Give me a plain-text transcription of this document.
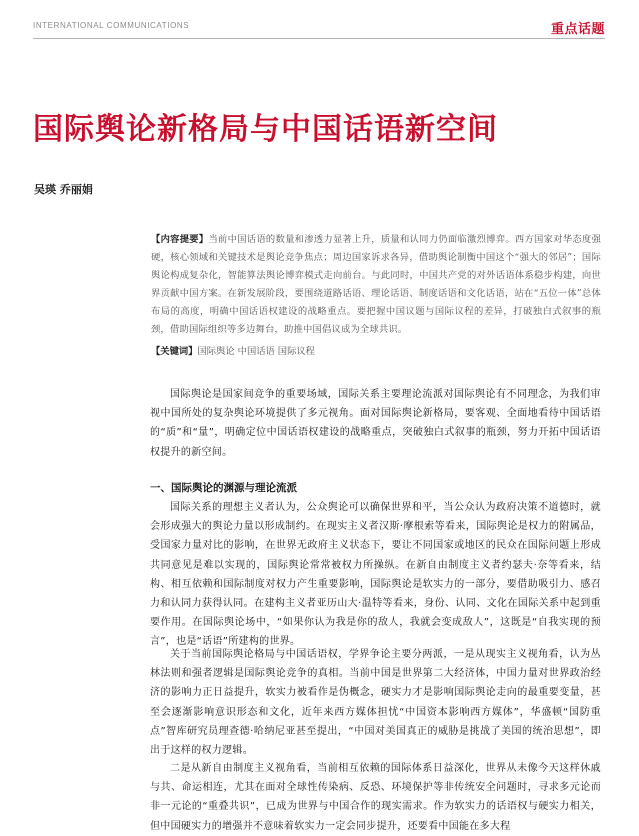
INTERNATIONAL COMMUNICATIONS	重点话题
国际舆论新格局与中国话语新空间
吴瑛 乔丽娟
【内容提要】当前中国话语的数量和渗透力显著上升，质量和认同力仍面临激烈博弈。西方国家对华态度强硬，核心领域和关键技术是舆论竞争焦点；周边国家诉求各异，借助舆论制衡中国这个“强大的邻居”；国际舆论构成复杂化，智能算法舆论博弈模式走向前台。与此同时，中国共产党的对外话语体系稳步构建，向世界贡献中国方案。在新发展阶段，要围绕道路话语、理论话语、制度话语和文化话语，站在“五位一体”总体布局的高度，明确中国话语权建设的战略重点。要把握中国议题与国际议程的差异，打破独白式叙事的瓶颈，借助国际组织等多边舞台，助推中国倡议成为全球共识。
【关键词】国际舆论 中国话语 国际议程

国际舆论是国家间竞争的重要场域，国际关系主要理论流派对国际舆论有不同理念，为我们审视中国所处的复杂舆论环境提供了多元视角。面对国际舆论新格局，要客观、全面地看待中国话语的“质”和“量”，明确定位中国话语权建设的战略重点，突破独白式叙事的瓶颈，努力开拓中国话语权提升的新空间。

一、国际舆论的渊源与理论流派

国际关系的理想主义者认为，公众舆论可以确保世界和平，当公众认为政府决策不道德时，就会形成强大的舆论力量以形成制约。在现实主义者汉斯·摩根索等看来，国际舆论是权力的附属品，受国家力量对比的影响，在世界无政府主义状态下，要让不同国家或地区的民众在国际问题上形成共同意见是难以实现的，国际舆论常常被权力所操纵。在新自由制度主义者约瑟夫·奈等看来，结构、相互依赖和国际制度对权力产生重要影响，国际舆论是软实力的一部分，要借助吸引力、感召力和认同力获得认同。在建构主义者亚历山大·温特等看来，身份、认同、文化在国际关系中起到重要作用。在国际舆论场中，“如果你认为我是你的敌人，我就会变成敌人”，这既是“自我实现的预言”，也是“话语”所建构的世界。

关于当前国际舆论格局与中国话语权，学界争论主要分两派，一是从现实主义视角看，认为丛林法则和强者逻辑是国际舆论竞争的真相。当前中国是世界第二大经济体，中国力量对世界政治经济的影响力正日益提升，软实力被看作是伪概念，硬实力才是影响国际舆论走向的最重要变量，甚至会逐渐影响意识形态和文化，近年来西方媒体担忧“中国资本影响西方媒体”，华盛顿“国防重点”智库研究员理查德·哈纳尼亚甚至提出，“中国对美国真正的威胁是挑战了美国的统治思想”，即出于这样的权力逻辑。

二是从新自由制度主义视角看，当前相互依赖的国际体系日益深化，世界从未像今天这样休戚与共、命运相连，尤其在面对全球性传染病、反恐、环境保护等非传统安全问题时，寻求多元论而非一元论的“重叠共识”，已成为世界与中国合作的现实需求。作为软实力的话语权与硬实力相关，但中国硬实力的增强并不意味着软实力一定会同步提升，还要看中国能在多大程
